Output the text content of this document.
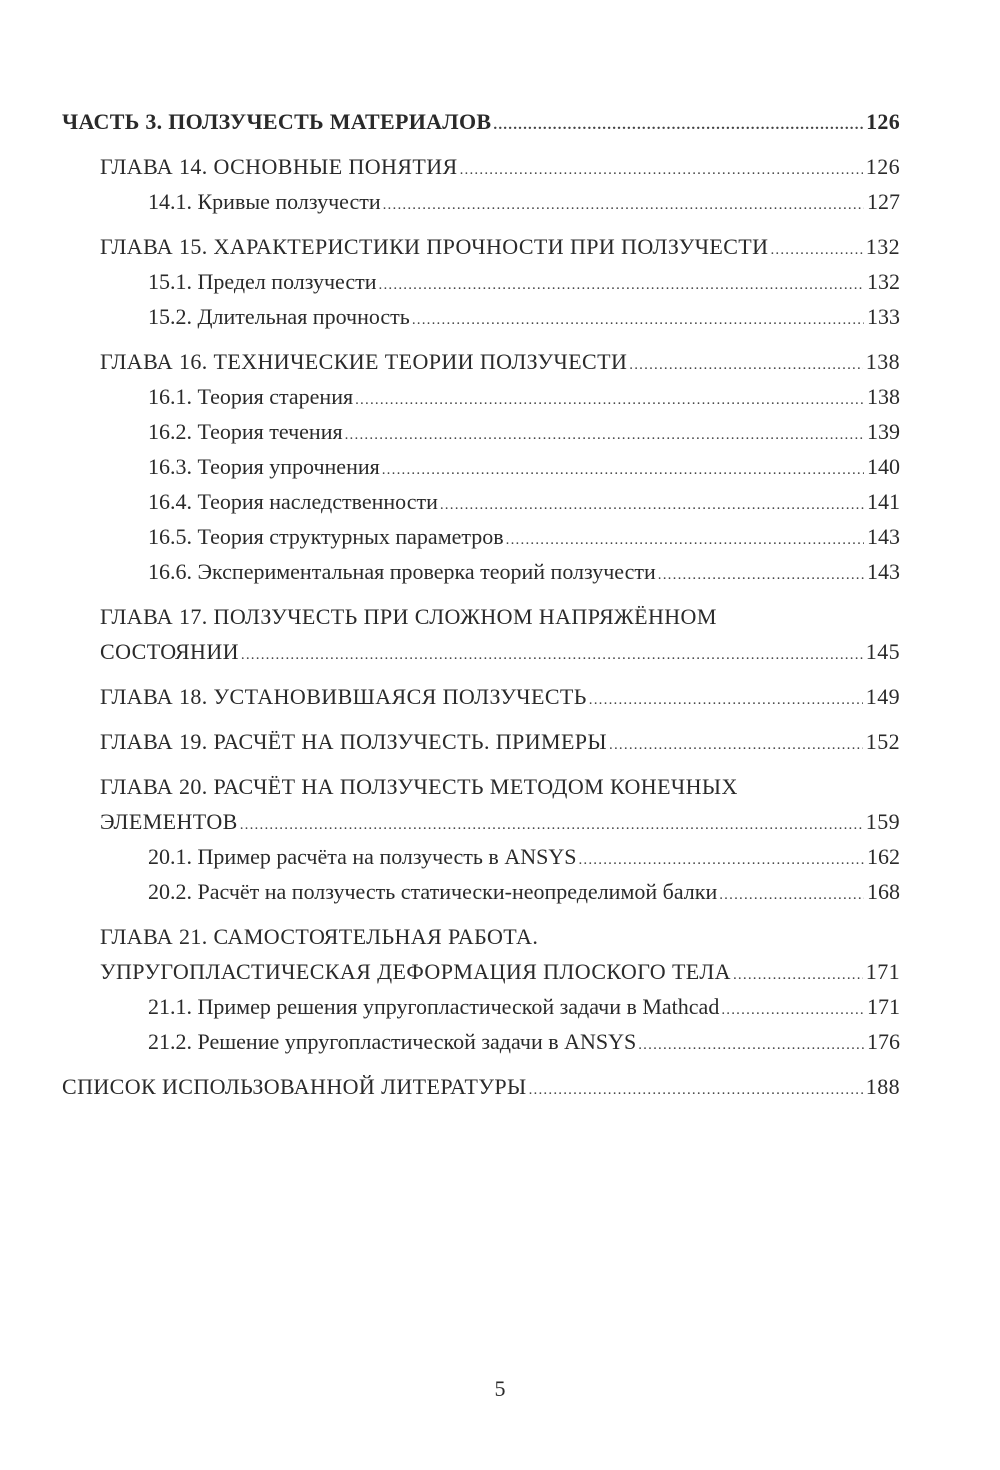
ЧАСТЬ 3. ПОЛЗУЧЕСТЬ МАТЕРИАЛОВ .....	126
ГЛАВА 14. ОСНОВНЫЕ ПОНЯТИЯ .....	126
14.1. Кривые ползучести .....	127
ГЛАВА 15. ХАРАКТЕРИСТИКИ ПРОЧНОСТИ ПРИ ПОЛЗУЧЕСТИ .....	132
15.1. Предел ползучести .....	132
15.2. Длительная прочность .....	133
ГЛАВА 16. ТЕХНИЧЕСКИЕ ТЕОРИИ ПОЛЗУЧЕСТИ .....	138
16.1. Теория старения .....	138
16.2. Теория течения .....	139
16.3. Теория упрочнения .....	140
16.4. Теория наследственности .....	141
16.5. Теория структурных параметров .....	143
16.6. Экспериментальная проверка теорий ползучести .....	143
ГЛАВА 17. ПОЛЗУЧЕСТЬ ПРИ СЛОЖНОМ НАПРЯЖЁННОМ
СОСТОЯНИИ .....	145
ГЛАВА 18. УСТАНОВИВШАЯСЯ ПОЛЗУЧЕСТЬ .....	149
ГЛАВА 19. РАСЧЁТ НА ПОЛЗУЧЕСТЬ. ПРИМЕРЫ .....	152
ГЛАВА 20. РАСЧЁТ НА ПОЛЗУЧЕСТЬ МЕТОДОМ КОНЕЧНЫХ
ЭЛЕМЕНТОВ .....	159
20.1. Пример расчёта на ползучесть в ANSYS .....	162
20.2. Расчёт на ползучесть статически-неопределимой балки .....	168
ГЛАВА 21. САМОСТОЯТЕЛЬНАЯ РАБОТА.
УПРУГОПЛАСТИЧЕСКАЯ ДЕФОРМАЦИЯ ПЛОСКОГО ТЕЛА .....	171
21.1. Пример решения упругопластической задачи в Mathcad .....	171
21.2. Решение упругопластической задачи в ANSYS .....	176
СПИСОК ИСПОЛЬЗОВАННОЙ ЛИТЕРАТУРЫ .....	188
5
